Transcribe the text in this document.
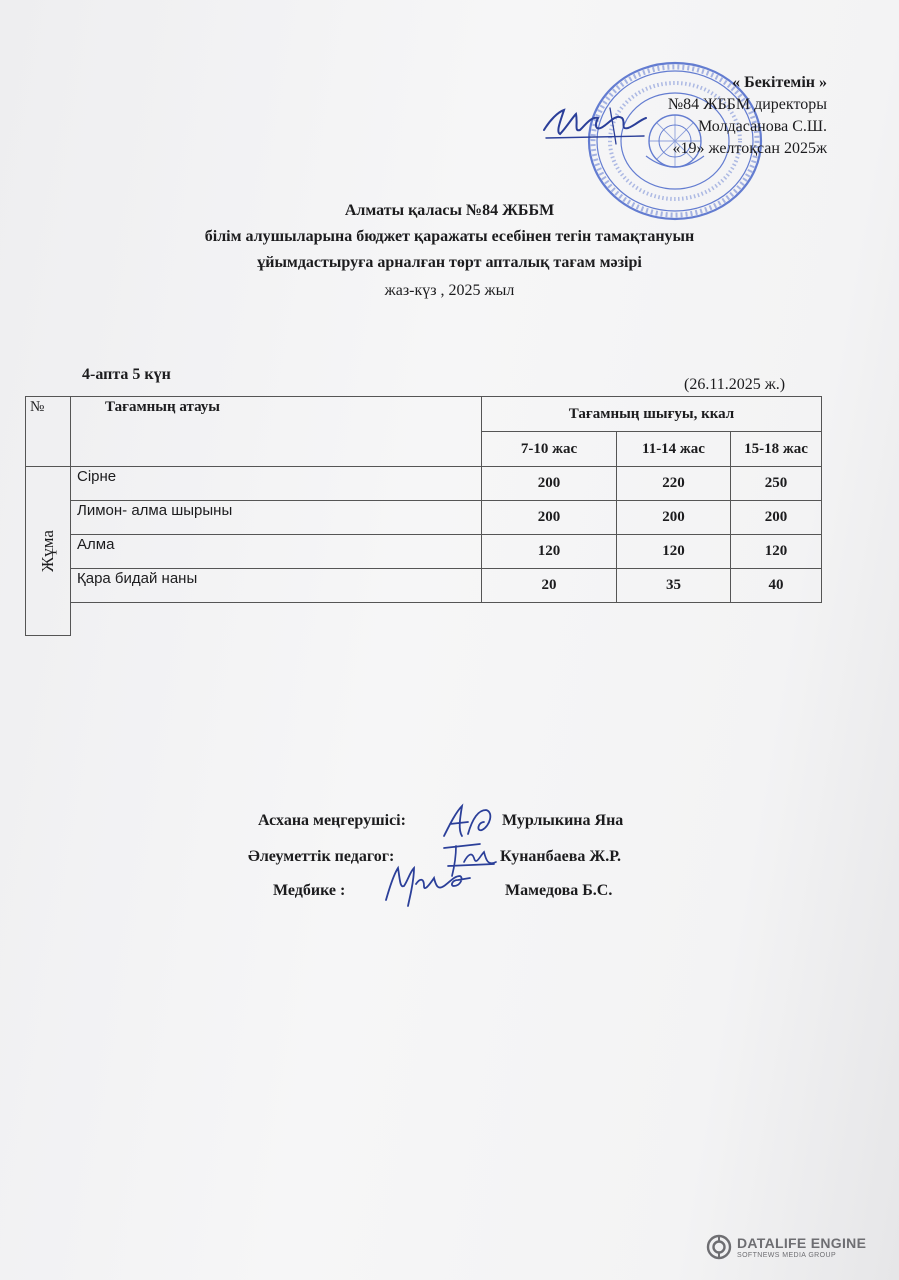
« Бекітемін »
№84 ЖББМ директоры
Молдасанова С.Ш.
«19» желтоқсан 2025ж
Алматы қаласы №84 ЖББМ
білім алушыларына бюджет қаражаты есебінен тегін тамақтануын
ұйымдастыруға арналған төрт апталық тағам мәзірі
жаз-күз , 2025 жыл
4-апта 5 күн
(26.11.2025 ж.)
№	Тағамның атауы	Тағамның шығуы, ккал		
		7-10 жас	11-14 жас	15-18 жас

Жұма	Сірне	200	220	250
	Лимон- алма шырыны	200	200	200
	Алма	120	120	120
	Қара бидай наны	20	35	40

Асхана меңгерушісі:	Мурлыкина Яна
Әлеуметтік педагог:	Кунанбаева Ж.Р.
Медбике :	Мамедова Б.С.
DATALIFE ENGINE
SOFTNEWS MEDIA GROUP
